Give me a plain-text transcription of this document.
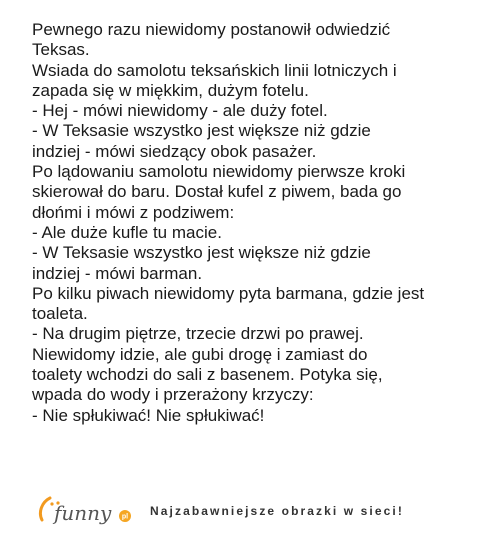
Pewnego razu niewidomy postanowił odwiedzić
Teksas.
Wsiada do samolotu teksańskich linii lotniczych i
zapada się w miękkim, dużym fotelu.
- Hej - mówi niewidomy - ale duży fotel.
- W Teksasie wszystko jest większe niż gdzie
indziej - mówi siedzący obok pasażer.
Po lądowaniu samolotu niewidomy pierwsze kroki
skierował do baru. Dostał kufel z piwem, bada go
dłońmi i mówi z podziwem:
- Ale duże kufle tu macie.
- W Teksasie wszystko jest większe niż gdzie
indziej - mówi barman.
Po kilku piwach niewidomy pyta barmana, gdzie jest
toaleta.
- Na drugim piętrze, trzecie drzwi po prawej.
Niewidomy idzie, ale gubi drogę i zamiast do
toalety wchodzi do sali z basenem. Potyka się,
wpada do wody i przerażony krzyczy:
- Nie spłukiwać! Nie spłukiwać!
funny pl Najzabawniejsze obrazki w sieci!
